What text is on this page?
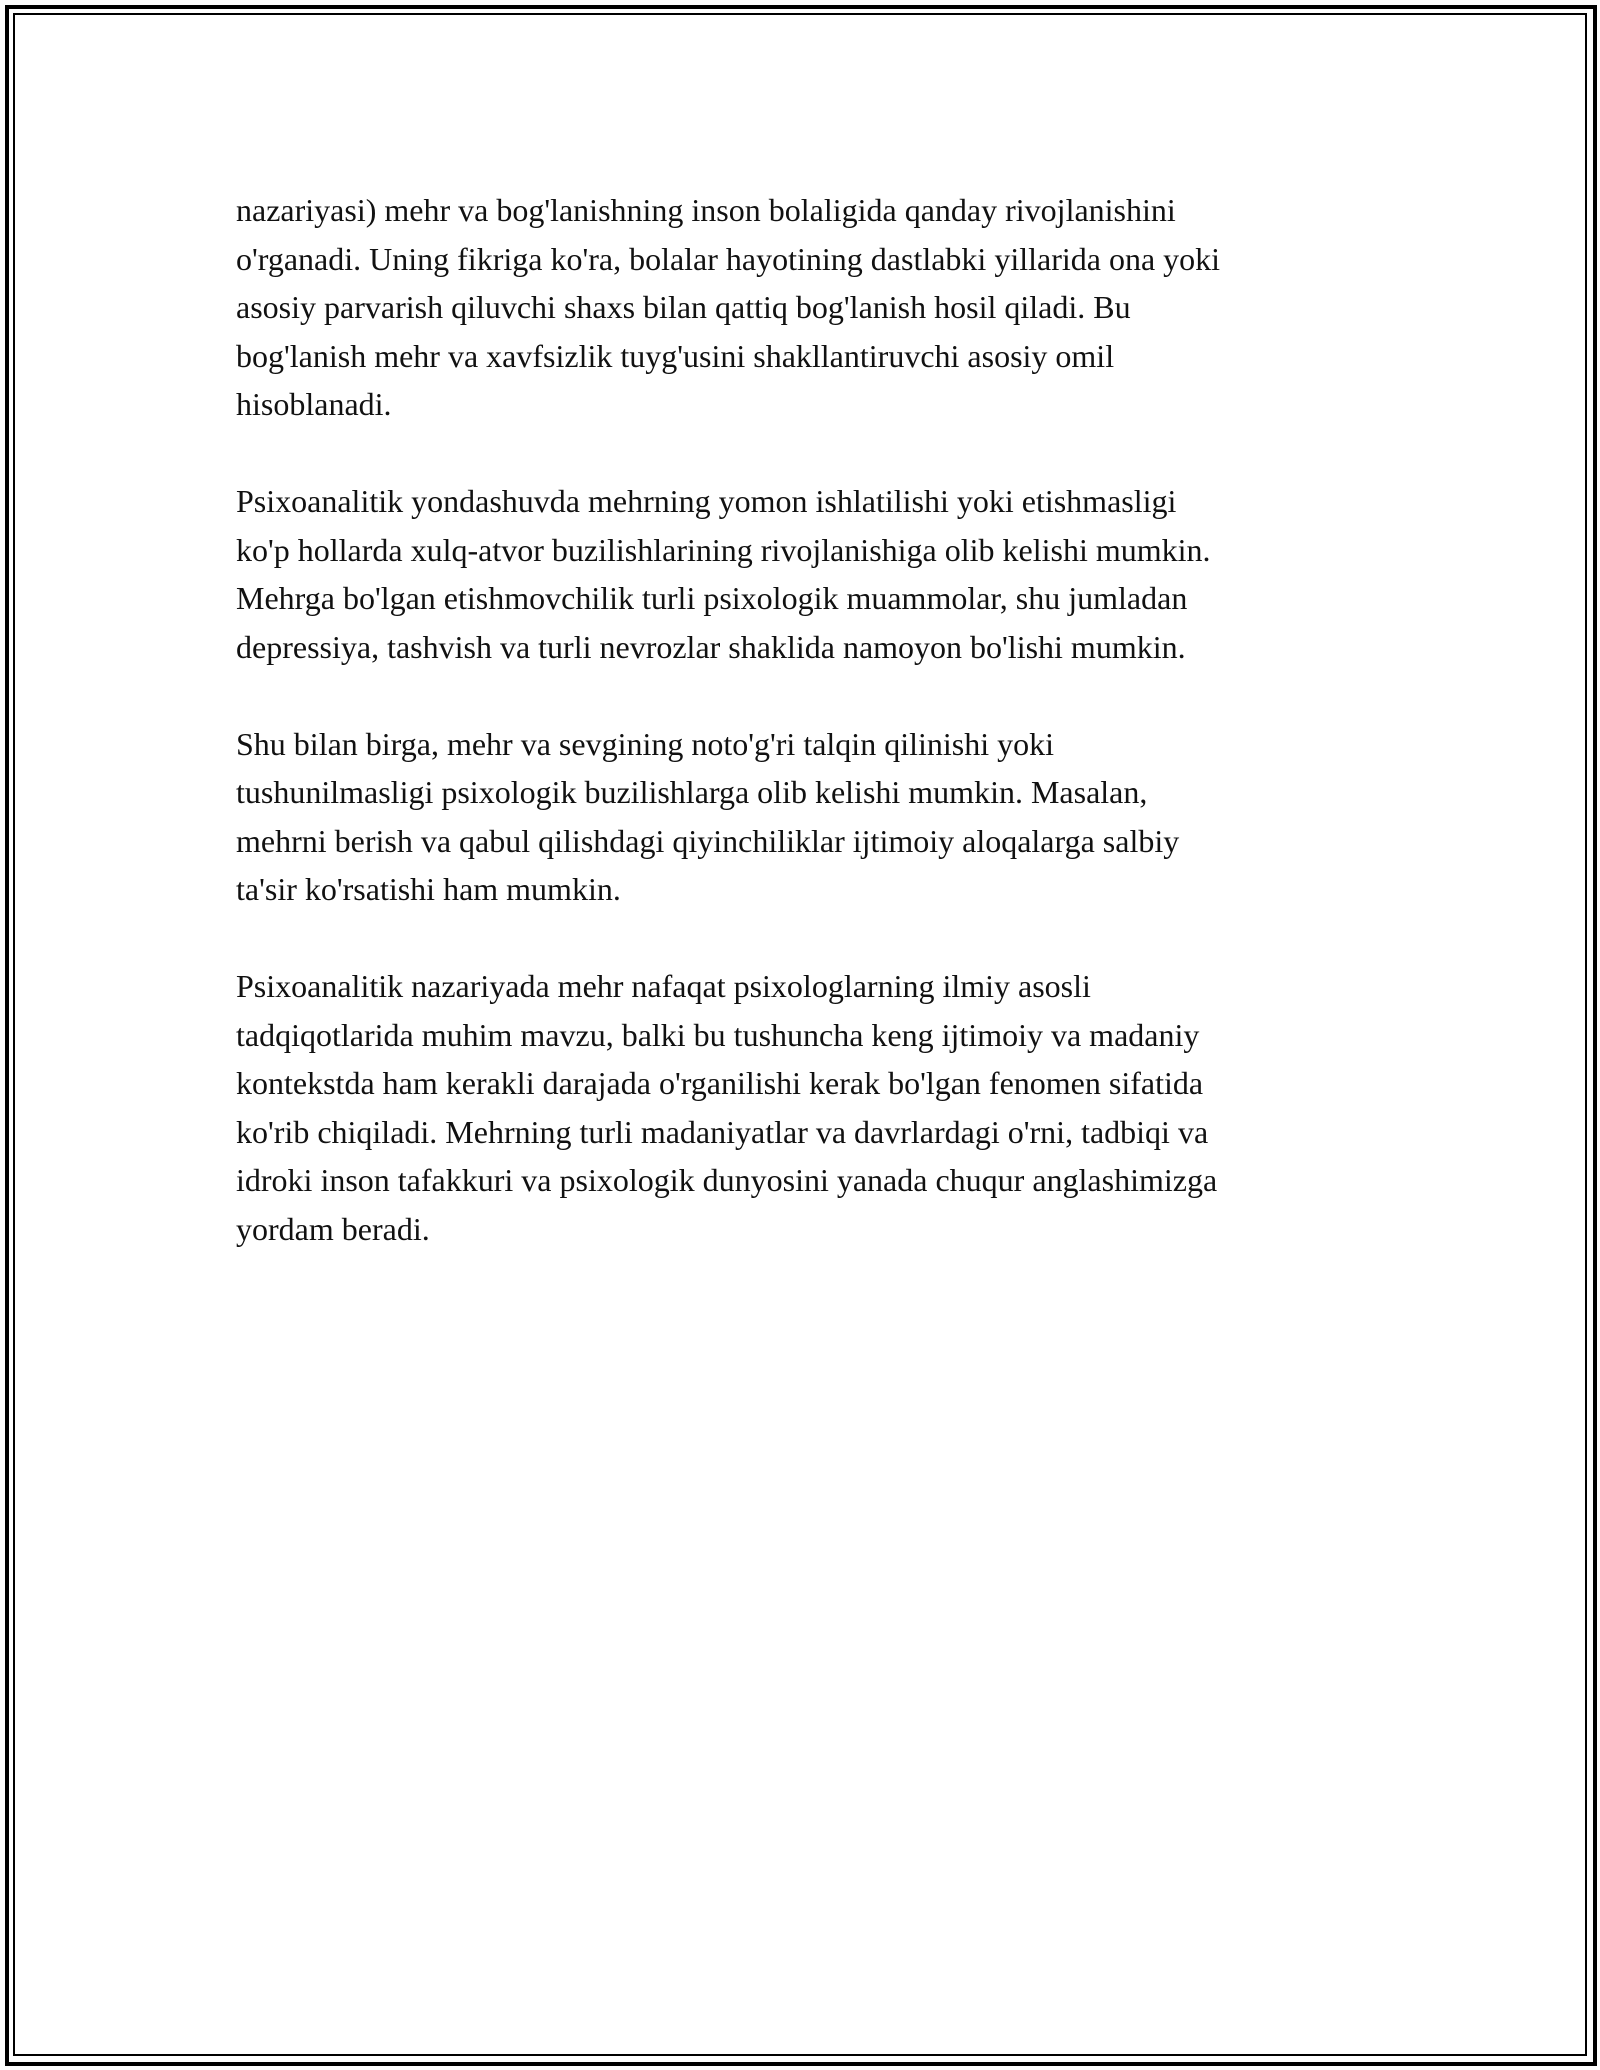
nazariyasi) mehr va bog'lanishning inson bolaligida qanday rivojlanishini
o'rganadi. Uning fikriga ko'ra, bolalar hayotining dastlabki yillarida ona yoki
asosiy parvarish qiluvchi shaxs bilan qattiq bog'lanish hosil qiladi. Bu
bog'lanish mehr va xavfsizlik tuyg'usini shakllantiruvchi asosiy omil
hisoblanadi.

Psixoanalitik yondashuvda mehrning yomon ishlatilishi yoki etishmasligi
ko'p hollarda xulq-atvor buzilishlarining rivojlanishiga olib kelishi mumkin.
Mehrga bo'lgan etishmovchilik turli psixologik muammolar, shu jumladan
depressiya, tashvish va turli nevrozlar shaklida namoyon bo'lishi mumkin.

Shu bilan birga, mehr va sevgining noto'g'ri talqin qilinishi yoki
tushunilmasligi psixologik buzilishlarga olib kelishi mumkin. Masalan,
mehrni berish va qabul qilishdagi qiyinchiliklar ijtimoiy aloqalarga salbiy
ta'sir ko'rsatishi ham mumkin.

Psixoanalitik nazariyada mehr nafaqat psixologlarning ilmiy asosli
tadqiqotlarida muhim mavzu, balki bu tushuncha keng ijtimoiy va madaniy
kontekstda ham kerakli darajada o'rganilishi kerak bo'lgan fenomen sifatida
ko'rib chiqiladi. Mehrning turli madaniyatlar va davrlardagi o'rni, tadbiqi va
idroki inson tafakkuri va psixologik dunyosini yanada chuqur anglashimizga
yordam beradi.
